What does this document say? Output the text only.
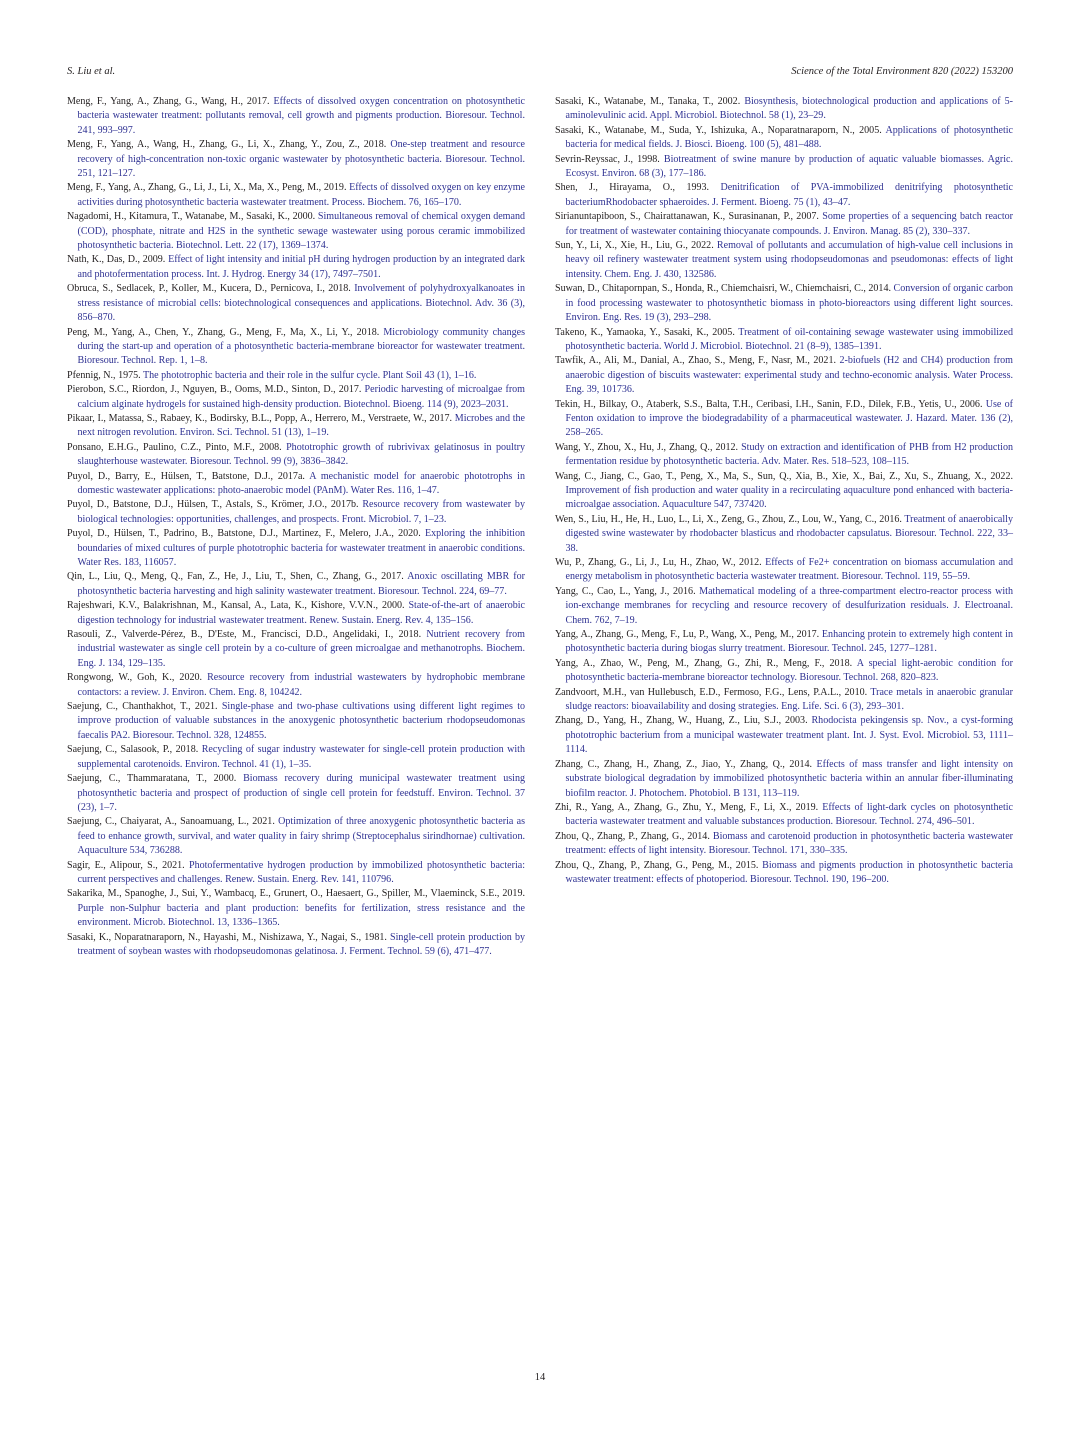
S. Liu et al.	Science of the Total Environment 820 (2022) 153200

Meng, F., Yang, A., Zhang, G., Wang, H., 2017. Effects of dissolved oxygen concentration on photosynthetic bacteria wastewater treatment: pollutants removal, cell growth and pigments production. Bioresour. Technol. 241, 993–997.

Meng, F., Yang, A., Wang, H., Zhang, G., Li, X., Zhang, Y., Zou, Z., 2018. One-step treatment and resource recovery of high-concentration non-toxic organic wastewater by photosynthetic bacteria. Bioresour. Technol. 251, 121–127.

Meng, F., Yang, A., Zhang, G., Li, J., Li, X., Ma, X., Peng, M., 2019. Effects of dissolved oxygen on key enzyme activities during photosynthetic bacteria wastewater treatment. Process. Biochem. 76, 165–170.

Nagadomi, H., Kitamura, T., Watanabe, M., Sasaki, K., 2000. Simultaneous removal of chemical oxygen demand (COD), phosphate, nitrate and H2S in the synthetic sewage wastewater using porous ceramic immobilized photosynthetic bacteria. Biotechnol. Lett. 22 (17), 1369–1374.

Nath, K., Das, D., 2009. Effect of light intensity and initial pH during hydrogen production by an integrated dark and photofermentation process. Int. J. Hydrog. Energy 34 (17), 7497–7501.

Obruca, S., Sedlacek, P., Koller, M., Kucera, D., Pernicova, I., 2018. Involvement of polyhydroxyalkanoates in stress resistance of microbial cells: biotechnological consequences and applications. Biotechnol. Adv. 36 (3), 856–870.

Peng, M., Yang, A., Chen, Y., Zhang, G., Meng, F., Ma, X., Li, Y., 2018. Microbiology community changes during the start-up and operation of a photosynthetic bacteria-membrane bioreactor for wastewater treatment. Bioresour. Technol. Rep. 1, 1–8.

Pfennig, N., 1975. The phototrophic bacteria and their role in the sulfur cycle. Plant Soil 43 (1), 1–16.

Pierobon, S.C., Riordon, J., Nguyen, B., Ooms, M.D., Sinton, D., 2017. Periodic harvesting of microalgae from calcium alginate hydrogels for sustained high-density production. Biotechnol. Bioeng. 114 (9), 2023–2031.

Pikaar, I., Matassa, S., Rabaey, K., Bodirsky, B.L., Popp, A., Herrero, M., Verstraete, W., 2017. Microbes and the next nitrogen revolution. Environ. Sci. Technol. 51 (13), 1–19.

Ponsano, E.H.G., Paulino, C.Z., Pinto, M.F., 2008. Phototrophic growth of rubrivivax gelatinosus in poultry slaughterhouse wastewater. Bioresour. Technol. 99 (9), 3836–3842.

Puyol, D., Barry, E., Hülsen, T., Batstone, D.J., 2017a. A mechanistic model for anaerobic phototrophs in domestic wastewater applications: photo-anaerobic model (PAnM). Water Res. 116, 1–47.

Puyol, D., Batstone, D.J., Hülsen, T., Astals, S., Krömer, J.O., 2017b. Resource recovery from wastewater by biological technologies: opportunities, challenges, and prospects. Front. Microbiol. 7, 1–23.

Puyol, D., Hülsen, T., Padrino, B., Batstone, D.J., Martinez, F., Melero, J.A., 2020. Exploring the inhibition boundaries of mixed cultures of purple phototrophic bacteria for wastewater treatment in anaerobic conditions. Water Res. 183, 116057.

Qin, L., Liu, Q., Meng, Q., Fan, Z., He, J., Liu, T., Shen, C., Zhang, G., 2017. Anoxic oscillating MBR for photosynthetic bacteria harvesting and high salinity wastewater treatment. Bioresour. Technol. 224, 69–77.

Rajeshwari, K.V., Balakrishnan, M., Kansal, A., Lata, K., Kishore, V.V.N., 2000. State-of-the-art of anaerobic digestion technology for industrial wastewater treatment. Renew. Sustain. Energ. Rev. 4, 135–156.

Rasouli, Z., Valverde-Pérez, B., D'Este, M., Francisci, D.D., Angelidaki, I., 2018. Nutrient recovery from industrial wastewater as single cell protein by a co-culture of green microalgae and methanotrophs. Biochem. Eng. J. 134, 129–135.

Rongwong, W., Goh, K., 2020. Resource recovery from industrial wastewaters by hydrophobic membrane contactors: a review. J. Environ. Chem. Eng. 8, 104242.

Saejung, C., Chanthakhot, T., 2021. Single-phase and two-phase cultivations using different light regimes to improve production of valuable substances in the anoxygenic photosynthetic bacterium rhodopseudomonas faecalis PA2. Bioresour. Technol. 328, 124855.

Saejung, C., Salasook, P., 2018. Recycling of sugar industry wastewater for single-cell protein production with supplemental carotenoids. Environ. Technol. 41 (1), 1–35.

Saejung, C., Thammaratana, T., 2000. Biomass recovery during municipal wastewater treatment using photosynthetic bacteria and prospect of production of single cell protein for feedstuff. Environ. Technol. 37 (23), 1–7.

Saejung, C., Chaiyarat, A., Sanoamuang, L., 2021. Optimization of three anoxygenic photosynthetic bacteria as feed to enhance growth, survival, and water quality in fairy shrimp (Streptocephalus sirindhornae) cultivation. Aquaculture 534, 736288.

Sagir, E., Alipour, S., 2021. Photofermentative hydrogen production by immobilized photosynthetic bacteria: current perspectives and challenges. Renew. Sustain. Energ. Rev. 141, 110796.

Sakarika, M., Spanoghe, J., Sui, Y., Wambacq, E., Grunert, O., Haesaert, G., Spiller, M., Vlaeminck, S.E., 2019. Purple non-Sulphur bacteria and plant production: benefits for fertilization, stress resistance and the environment. Microb. Biotechnol. 13, 1336–1365.

Sasaki, K., Noparatnaraporn, N., Hayashi, M., Nishizawa, Y., Nagai, S., 1981. Single-cell protein production by treatment of soybean wastes with rhodopseudomonas gelatinosa. J. Ferment. Technol. 59 (6), 471–477.

Sasaki, K., Watanabe, M., Tanaka, T., 2002. Biosynthesis, biotechnological production and applications of 5-aminolevulinic acid. Appl. Microbiol. Biotechnol. 58 (1), 23–29.

Sasaki, K., Watanabe, M., Suda, Y., Ishizuka, A., Noparatnaraporn, N., 2005. Applications of photosynthetic bacteria for medical fields. J. Biosci. Bioeng. 100 (5), 481–488.

Sevrin-Reyssac, J., 1998. Biotreatment of swine manure by production of aquatic valuable biomasses. Agric. Ecosyst. Environ. 68 (3), 177–186.

Shen, J., Hirayama, O., 1993. Denitrification of PVA-immobilized denitrifying photosynthetic bacteriumRhodobacter sphaeroides. J. Ferment. Bioeng. 75 (1), 43–47.

Sirianuntapiboon, S., Chairattanawan, K., Surasinanan, P., 2007. Some properties of a sequencing batch reactor for treatment of wastewater containing thiocyanate compounds. J. Environ. Manag. 85 (2), 330–337.

Sun, Y., Li, X., Xie, H., Liu, G., 2022. Removal of pollutants and accumulation of high-value cell inclusions in heavy oil refinery wastewater treatment system using rhodopseudomonas and pseudomonas: effects of light intensity. Chem. Eng. J. 430, 132586.

Suwan, D., Chitapornpan, S., Honda, R., Chiemchaisri, W., Chiemchaisri, C., 2014. Conversion of organic carbon in food processing wastewater to photosynthetic biomass in photo-bioreactors using different light sources. Environ. Eng. Res. 19 (3), 293–298.

Takeno, K., Yamaoka, Y., Sasaki, K., 2005. Treatment of oil-containing sewage wastewater using immobilized photosynthetic bacteria. World J. Microbiol. Biotechnol. 21 (8–9), 1385–1391.

Tawfik, A., Ali, M., Danial, A., Zhao, S., Meng, F., Nasr, M., 2021. 2-biofuels (H2 and CH4) production from anaerobic digestion of biscuits wastewater: experimental study and techno-economic analysis. Water Process. Eng. 39, 101736.

Tekin, H., Bilkay, O., Ataberk, S.S., Balta, T.H., Ceribasi, I.H., Sanin, F.D., Dilek, F.B., Yetis, U., 2006. Use of Fenton oxidation to improve the biodegradability of a pharmaceutical wastewater. J. Hazard. Mater. 136 (2), 258–265.

Wang, Y., Zhou, X., Hu, J., Zhang, Q., 2012. Study on extraction and identification of PHB from H2 production fermentation residue by photosynthetic bacteria. Adv. Mater. Res. 518–523, 108–115.

Wang, C., Jiang, C., Gao, T., Peng, X., Ma, S., Sun, Q., Xia, B., Xie, X., Bai, Z., Xu, S., Zhuang, X., 2022. Improvement of fish production and water quality in a recirculating aquaculture pond enhanced with bacteria-microalgae association. Aquaculture 547, 737420.

Wen, S., Liu, H., He, H., Luo, L., Li, X., Zeng, G., Zhou, Z., Lou, W., Yang, C., 2016. Treatment of anaerobically digested swine wastewater by rhodobacter blasticus and rhodobacter capsulatus. Bioresour. Technol. 222, 33–38.

Wu, P., Zhang, G., Li, J., Lu, H., Zhao, W., 2012. Effects of Fe2+ concentration on biomass accumulation and energy metabolism in photosynthetic bacteria wastewater treatment. Bioresour. Technol. 119, 55–59.

Yang, C., Cao, L., Yang, J., 2016. Mathematical modeling of a three-compartment electro-reactor process with ion-exchange membranes for recycling and resource recovery of desulfurization residuals. J. Electroanal. Chem. 762, 7–19.

Yang, A., Zhang, G., Meng, F., Lu, P., Wang, X., Peng, M., 2017. Enhancing protein to extremely high content in photosynthetic bacteria during biogas slurry treatment. Bioresour. Technol. 245, 1277–1281.

Yang, A., Zhao, W., Peng, M., Zhang, G., Zhi, R., Meng, F., 2018. A special light-aerobic condition for photosynthetic bacteria-membrane bioreactor technology. Bioresour. Technol. 268, 820–823.

Zandvoort, M.H., van Hullebusch, E.D., Fermoso, F.G., Lens, P.A.L., 2010. Trace metals in anaerobic granular sludge reactors: bioavailability and dosing strategies. Eng. Life. Sci. 6 (3), 293–301.

Zhang, D., Yang, H., Zhang, W., Huang, Z., Liu, S.J., 2003. Rhodocista pekingensis sp. Nov., a cyst-forming phototrophic bacterium from a municipal wastewater treatment plant. Int. J. Syst. Evol. Microbiol. 53, 1111–1114.

Zhang, C., Zhang, H., Zhang, Z., Jiao, Y., Zhang, Q., 2014. Effects of mass transfer and light intensity on substrate biological degradation by immobilized photosynthetic bacteria within an annular fiber-illuminating biofilm reactor. J. Photochem. Photobiol. B 131, 113–119.

Zhi, R., Yang, A., Zhang, G., Zhu, Y., Meng, F., Li, X., 2019. Effects of light-dark cycles on photosynthetic bacteria wastewater treatment and valuable substances production. Bioresour. Technol. 274, 496–501.

Zhou, Q., Zhang, P., Zhang, G., 2014. Biomass and carotenoid production in photosynthetic bacteria wastewater treatment: effects of light intensity. Bioresour. Technol. 171, 330–335.

Zhou, Q., Zhang, P., Zhang, G., Peng, M., 2015. Biomass and pigments production in photosynthetic bacteria wastewater treatment: effects of photoperiod. Bioresour. Technol. 190, 196–200.

14
